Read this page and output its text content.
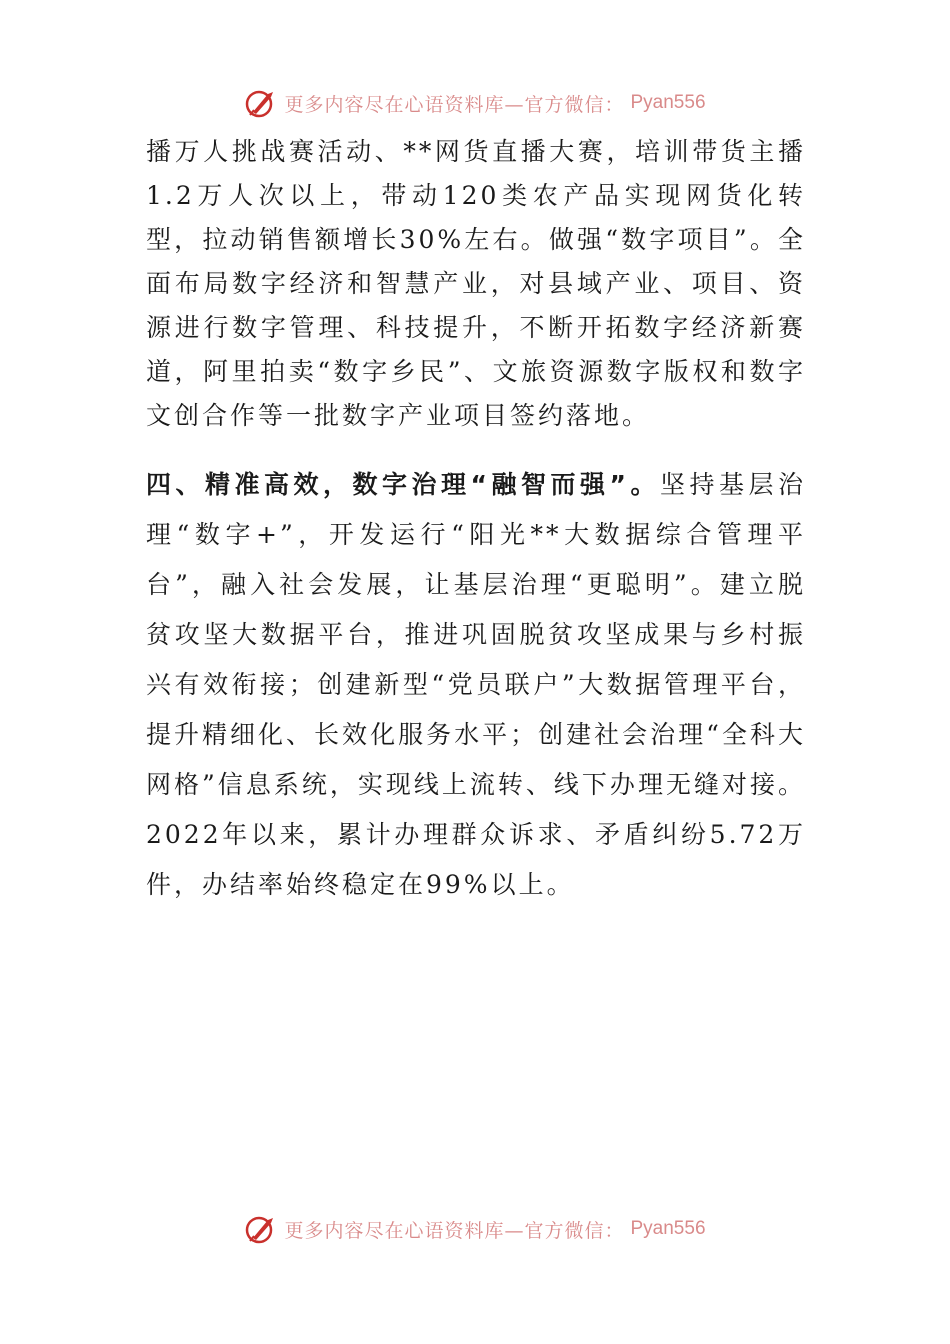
更多内容尽在心语资料库—官方微信： Pyan556

播万人挑战赛活动、**网货直播大赛，培训带货主播1.2万人次以上，带动120类农产品实现网货化转型，拉动销售额增长30%左右。做强“数字项目”。全面布局数字经济和智慧产业，对县域产业、项目、资源进行数字管理、科技提升，不断开拓数字经济新赛道，阿里拍卖“数字乡民”、文旅资源数字版权和数字文创合作等一批数字产业项目签约落地。

四、精准高效，数字治理“融智而强”。坚持基层治理“数字+”，开发运行“阳光**大数据综合管理平台”，融入社会发展，让基层治理“更聪明”。建立脱贫攻坚大数据平台，推进巩固脱贫攻坚成果与乡村振兴有效衔接；创建新型“党员联户”大数据管理平台，提升精细化、长效化服务水平；创建社会治理“全科大网格”信息系统，实现线上流转、线下办理无缝对接。2022年以来，累计办理群众诉求、矛盾纠纷5.72万件，办结率始终稳定在99%以上。

更多内容尽在心语资料库—官方微信： Pyan556
